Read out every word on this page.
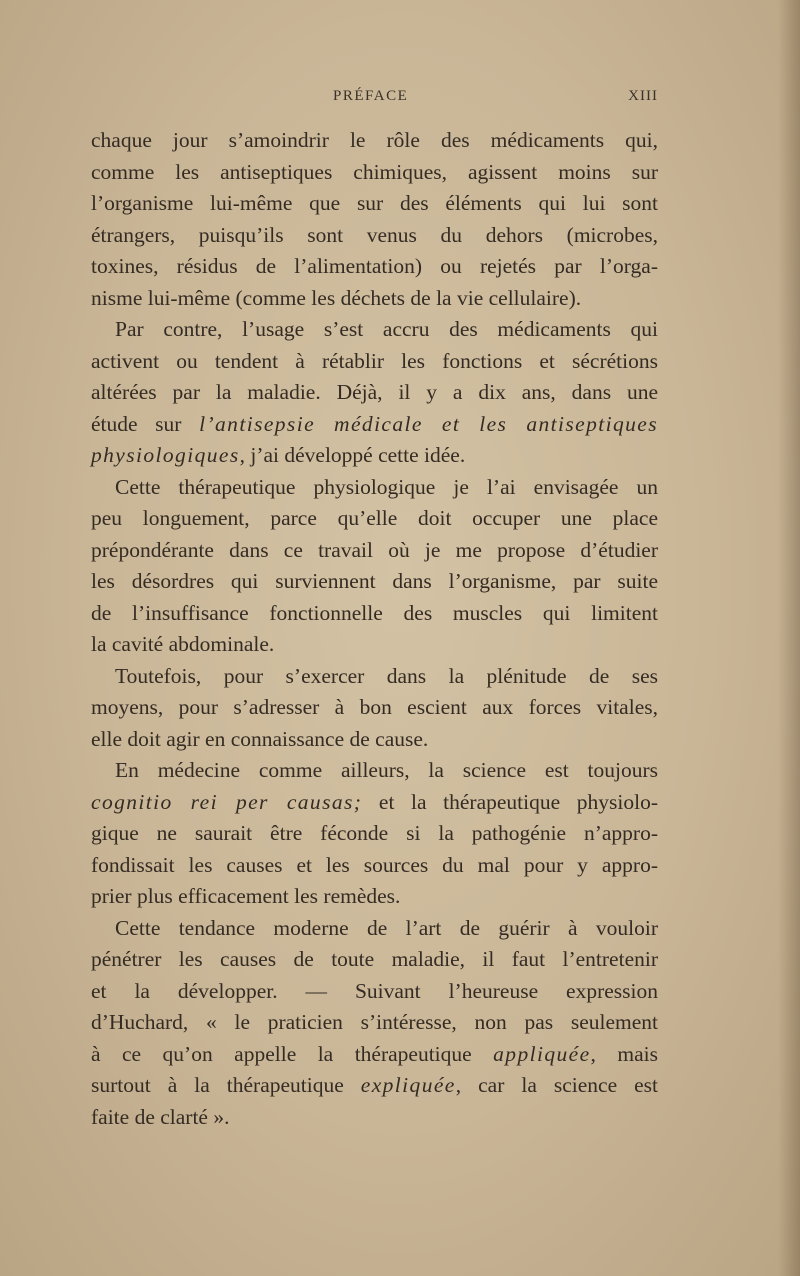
PRÉFACE	XIII
chaque jour s’amoindrir le rôle des médicaments qui,
comme les antiseptiques chimiques, agissent moins sur
l’organisme lui-même que sur des éléments qui lui sont
étrangers, puisqu’ils sont venus du dehors (microbes,
toxines, résidus de l’alimentation) ou rejetés par l’orga-
nisme lui-même (comme les déchets de la vie cellulaire).
Par contre, l’usage s’est accru des médicaments qui
activent ou tendent à rétablir les fonctions et sécrétions
altérées par la maladie. Déjà, il y a dix ans, dans une
étude sur l’antisepsie médicale et les antiseptiques
physiologiques, j’ai développé cette idée.
Cette thérapeutique physiologique je l’ai envisagée un
peu longuement, parce qu’elle doit occuper une place
prépondérante dans ce travail où je me propose d’étudier
les désordres qui surviennent dans l’organisme, par suite
de l’insuffisance fonctionnelle des muscles qui limitent
la cavité abdominale.
Toutefois, pour s’exercer dans la plénitude de ses
moyens, pour s’adresser à bon escient aux forces vitales,
elle doit agir en connaissance de cause.
En médecine comme ailleurs, la science est toujours
cognitio rei per causas; et la thérapeutique physiolo-
gique ne saurait être féconde si la pathogénie n’appro-
fondissait les causes et les sources du mal pour y appro-
prier plus efficacement les remèdes.
Cette tendance moderne de l’art de guérir à vouloir
pénétrer les causes de toute maladie, il faut l’entretenir
et la développer. — Suivant l’heureuse expression
d’Huchard, « le praticien s’intéresse, non pas seulement
à ce qu’on appelle la thérapeutique appliquée, mais
surtout à la thérapeutique expliquée, car la science est
faite de clarté ».
